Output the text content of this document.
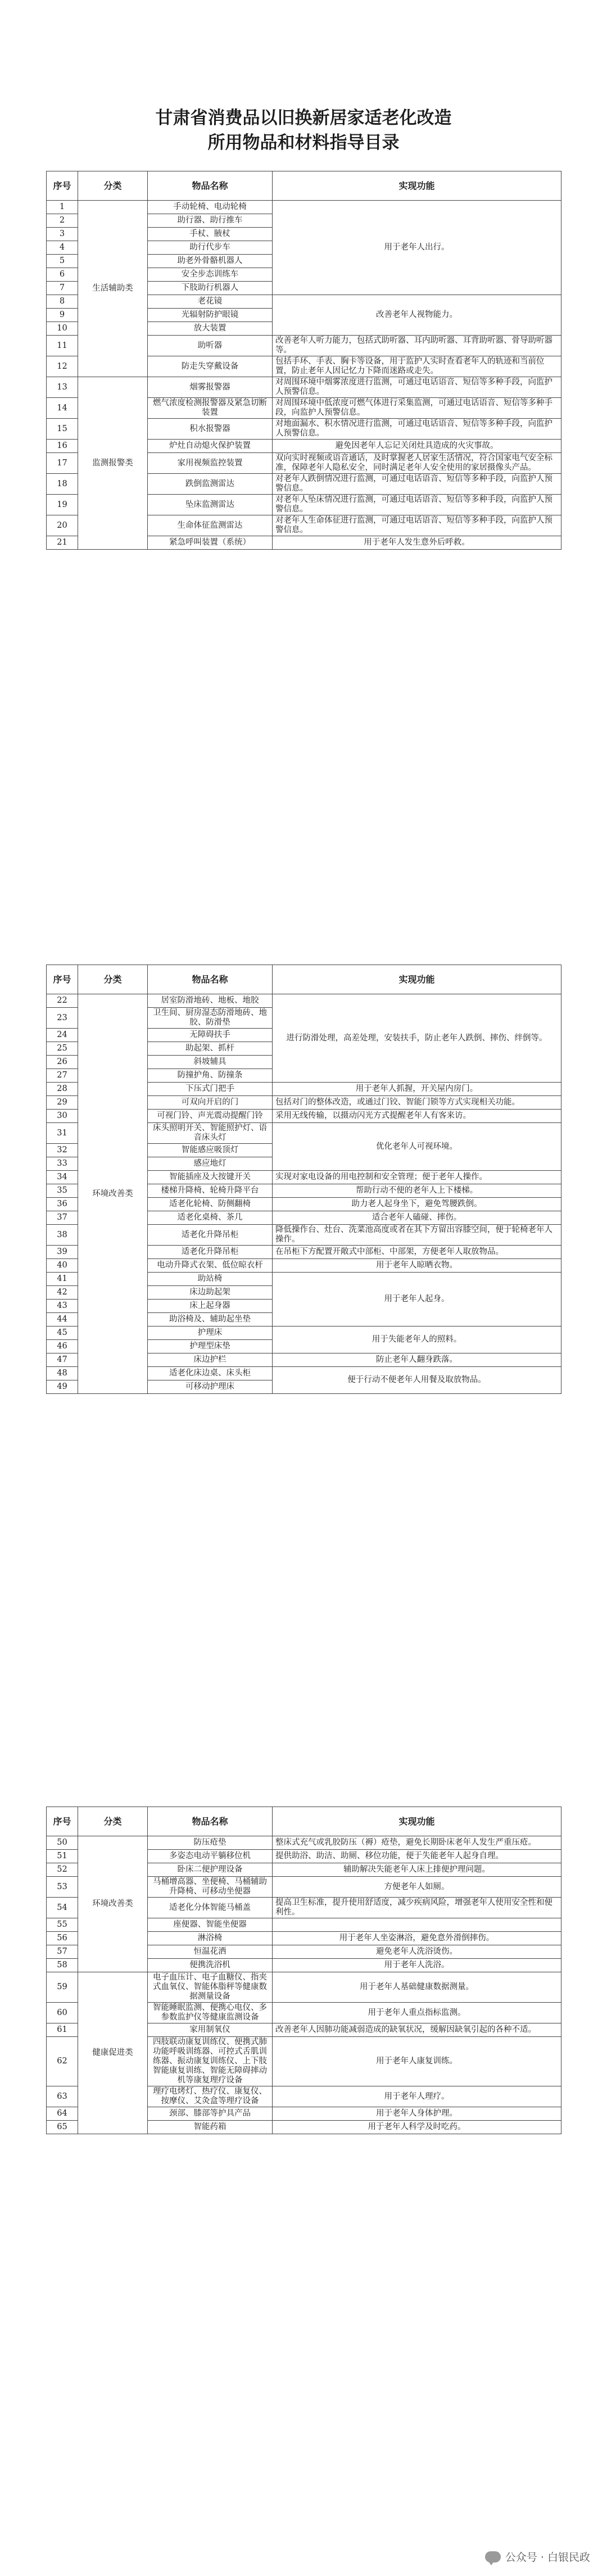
甘肃省消费品以旧换新居家适老化改造
所用物品和材料指导目录
序号	分类	物品名称	实现功能
1	生活辅助类	手动轮椅、电动轮椅	用于老年人出行。
2		助行器、助行推车	
3		手杖、腋杖	
4		助行代步车	
5		助老外骨骼机器人	
6		安全步态训练车	
7		下肢助行机器人	
8		老花镜	改善老年人视物能力。
9		光辐射防护眼镜	
10		放大装置	
11		助听器	改善老年人听力能力，包括式助听器、耳内助听器、耳背助听器、骨导助听器等。
12		防走失穿戴设备	包括手环、手表、胸卡等设备，用于监护人实时查看老年人的轨迹和当前位置，防止老年人因记忆力下降而迷路或走失。
13	监测报警类	烟雾报警器	对周围环境中烟雾浓度进行监测，可通过电话语音、短信等多种手段，向监护人预警信息。
14		燃气浓度检测报警器及紧急切断装置	对周围环境中低浓度可燃气体进行采集监测，可通过电话语音、短信等多种手段，向监护人预警信息。
15		积水报警器	对地面漏水、积水情况进行监测，可通过电话语音、短信等多种手段，向监护人预警信息。
16		炉灶自动熄火保护装置	避免因老年人忘记关闭灶具造成的火灾事故。
17		家用视频监控装置	双向实时视频或语音通话，及时掌握老人居家生活情况，符合国家电气安全标准，保障老年人隐私安全，同时满足老年人安全使用的家居摄像头产品。
18		跌倒监测雷达	对老年人跌倒情况进行监测，可通过电话语音、短信等多种手段，向监护人预警信息。
19		坠床监测雷达	对老年人坠床情况进行监测，可通过电话语音、短信等多种手段，向监护人预警信息。
20		生命体征监测雷达	对老年人生命体征进行监测，可通过电话语音、短信等多种手段，向监护人预警信息。
21		紧急呼叫装置（系统）	用于老年人发生意外后呼救。
序号	分类	物品名称	实现功能
22	环境改善类	居室防滑地砖、地板、地胶	进行防滑处理，高差处理，安装扶手，防止老年人跌倒、摔伤、绊倒等。
23		卫生间、厨房湿态防滑地砖、地胶、防滑垫	
24		无障碍扶手	
25		助起架、抓杆	
26		斜坡辅具	
27		防撞护角、防撞条	
28		下压式门把手	用于老年人抓握，开关屋内房门。
29		可双向开启的门	包括对门的整体改造，或通过门铰、智能门锁等方式实现相关功能。
30		可视门铃、声光震动提醒门铃	采用无线传输，以摄动闪光方式提醒老年人有客来访。
31		床头照明开关、智能照护灯、语音床头灯	优化老年人可视环境。
32		智能感应吸顶灯	
33		感应地灯	
34		智能插座及大按键开关	实现对家电设备的用电控制和安全管理；便于老年人操作。
35		楼梯升降椅、轮椅升降平台	帮助行动不便的老年人上下楼梯。
36		适老化轮椅、防侧翻椅	助力老人起身坐下，避免驾腰跌倒。
37		适老化桌椅、茶几	适合老年人磕碰、摔伤。
38		适老化升降吊柜	降低操作台、灶台、洗菜池高度或者在其下方留出容膝空间，便于轮椅老年人操作。
39		适老化升降吊柜	在吊柜下方配置开敞式中部柜、中部架，方便老年人取放物品。
40		电动升降式衣架、低位晾衣杆	用于老年人晾晒衣物。
41		助站椅	用于老年人起身。
42		床边助起架	
43		床上起身器	
44		助浴椅及、辅助起坐垫	
45		护理床	用于失能老年人的照料。
46		护理型床垫	
47		床边护栏	防止老年人翻身跌落。
48		适老化床边桌、床头柜	便于行动不便老年人用餐及取放物品。
49		可移动护理床	
序号	分类	物品名称	实现功能
50	环境改善类	防压疮垫	整床式充气或乳胶防压（褥）疮垫，避免长期卧床老年人发生严重压疮。
51		多姿态电动平躺移位机	提供助浴、助洁、助厕、移位功能，便于失能老年人起身自理。
52		卧床二便护理设备	辅助解决失能老年人床上排便护理问题。
53		马桶增高器、坐便椅、马桶辅助升降椅、可移动坐便器	方便老年人如厕。
54		适老化分体智能马桶盖	提高卫生标准，提升使用舒适度，减少疾病风险，增强老年人使用安全性和便利性。
55		座便器、智能坐便器	
56		淋浴椅	用于老年人坐姿淋浴，避免意外滑倒摔伤。
57		恒温花洒	避免老年人洗浴烫伤。
58		便携洗浴机	用于老年人洗浴。
59	健康促进类	电子血压计、电子血糖仪、指夹式血氧仪、智能体脂秤等健康数据测量设备	用于老年人基础健康数据测量。
60		智能睡眠监测、便携心电仪、多参数监护仪等健康监测设备	用于老年人重点指标监测。
61		家用制氧仪	改善老年人因肺功能减弱造成的缺氧状况，缓解因缺氧引起的各种不适。
62		四肢联动康复训练仪、便携式肺功能呼吸训练器、可控式舌肌训练器、振动康复训练仪、上下肢智能康复训练、智能无障碍摔动机等康复理疗设备	用于老年人康复训练。
63		理疗电烤灯、热疗仪、康复仪、按摩仪、艾灸盒等理疗设备	用于老年人理疗。
64		颈部、膝部等护具产品	用于老年人身体护理。
65		智能药箱	用于老年人科学及时吃药。
公众号 · 白银民政
